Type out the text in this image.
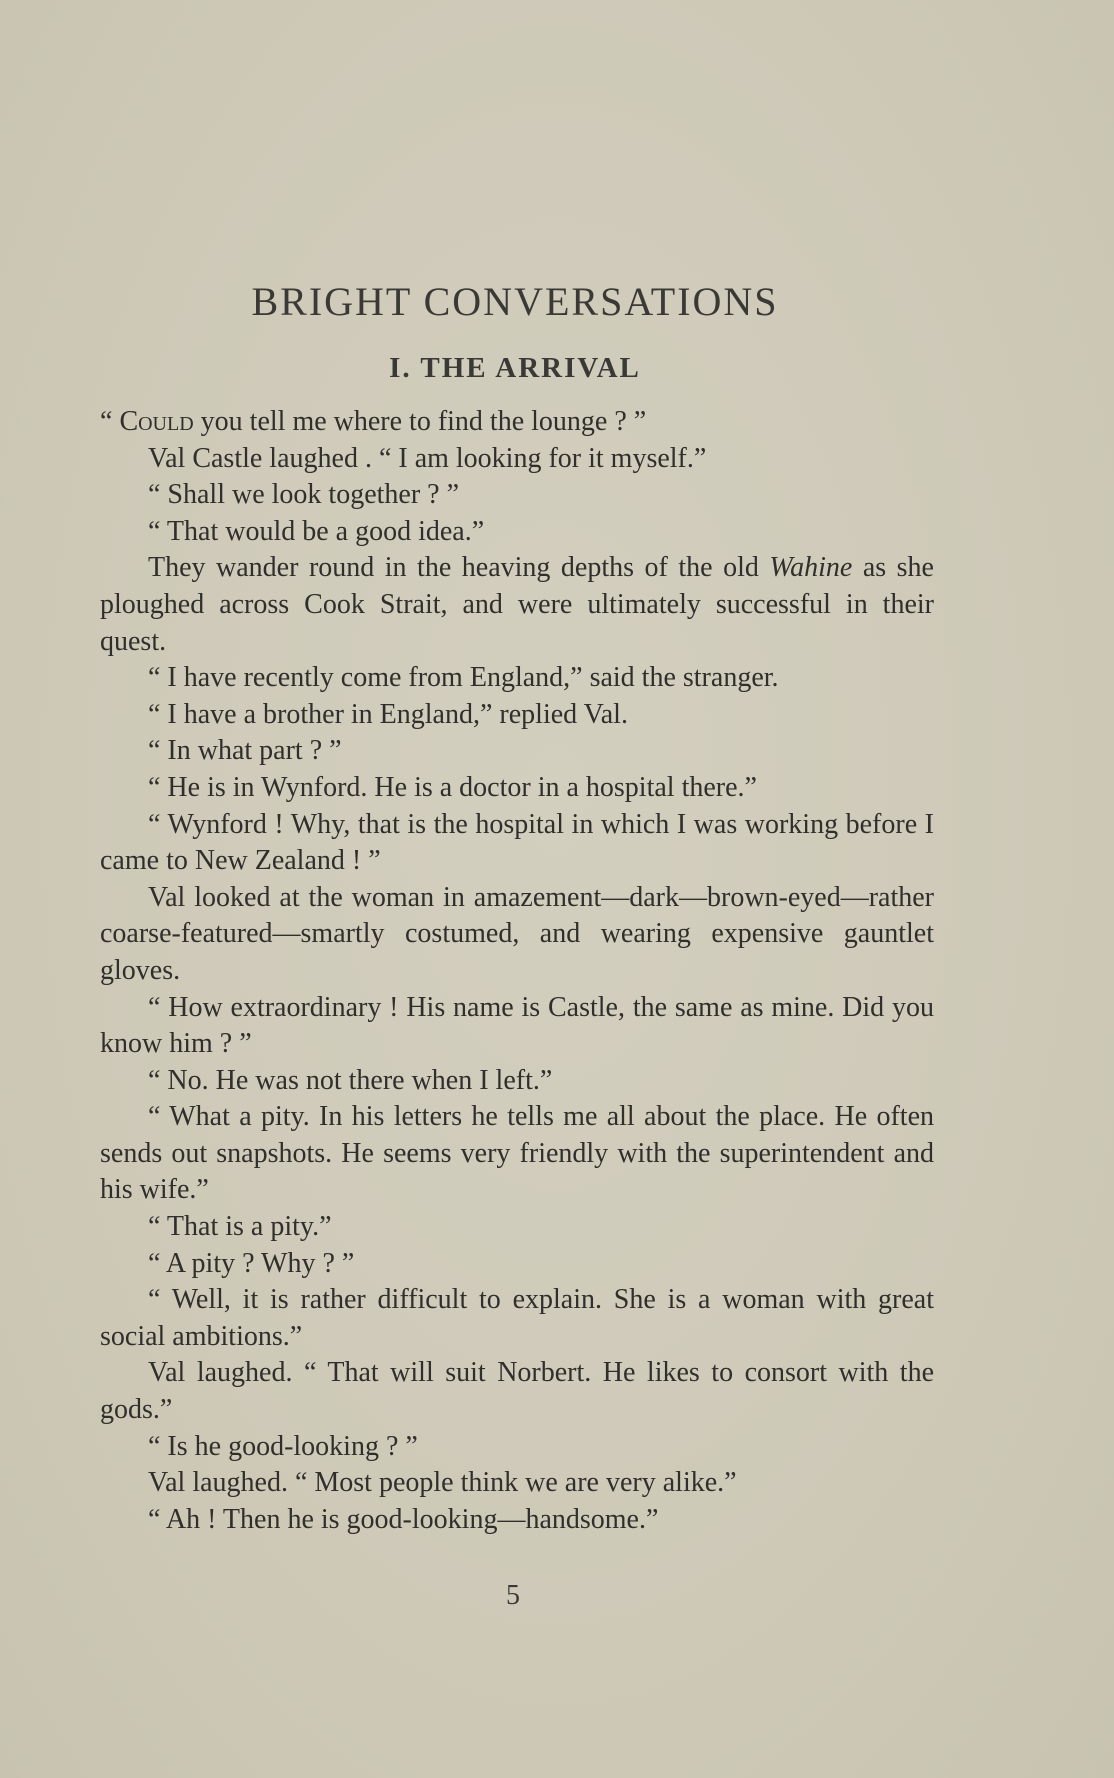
BRIGHT CONVERSATIONS
I. THE ARRIVAL

“ Could you tell me where to find the lounge ? ”

Val Castle laughed . “ I am looking for it myself.”

“ Shall we look together ? ”

“ That would be a good idea.”

They wander round in the heaving depths of the old Wahine as she ploughed across Cook Strait, and were ultimately successful in their quest.

“ I have recently come from England,” said the stranger.

“ I have a brother in England,” replied Val.

“ In what part ? ”

“ He is in Wynford. He is a doctor in a hospital there.”

“ Wynford ! Why, that is the hospital in which I was working before I came to New Zealand ! ”

Val looked at the woman in amazement—dark—brown-eyed—rather coarse-featured—smartly costumed, and wearing expensive gauntlet gloves.

“ How extraordinary ! His name is Castle, the same as mine. Did you know him ? ”

“ No. He was not there when I left.”

“ What a pity. In his letters he tells me all about the place. He often sends out snapshots. He seems very friendly with the superintendent and his wife.”

“ That is a pity.”

“ A pity ? Why ? ”

“ Well, it is rather difficult to explain. She is a woman with great social ambitions.”

Val laughed. “ That will suit Norbert. He likes to consort with the gods.”

“ Is he good-looking ? ”

Val laughed. “ Most people think we are very alike.”

“ Ah ! Then he is good-looking—handsome.”

5
